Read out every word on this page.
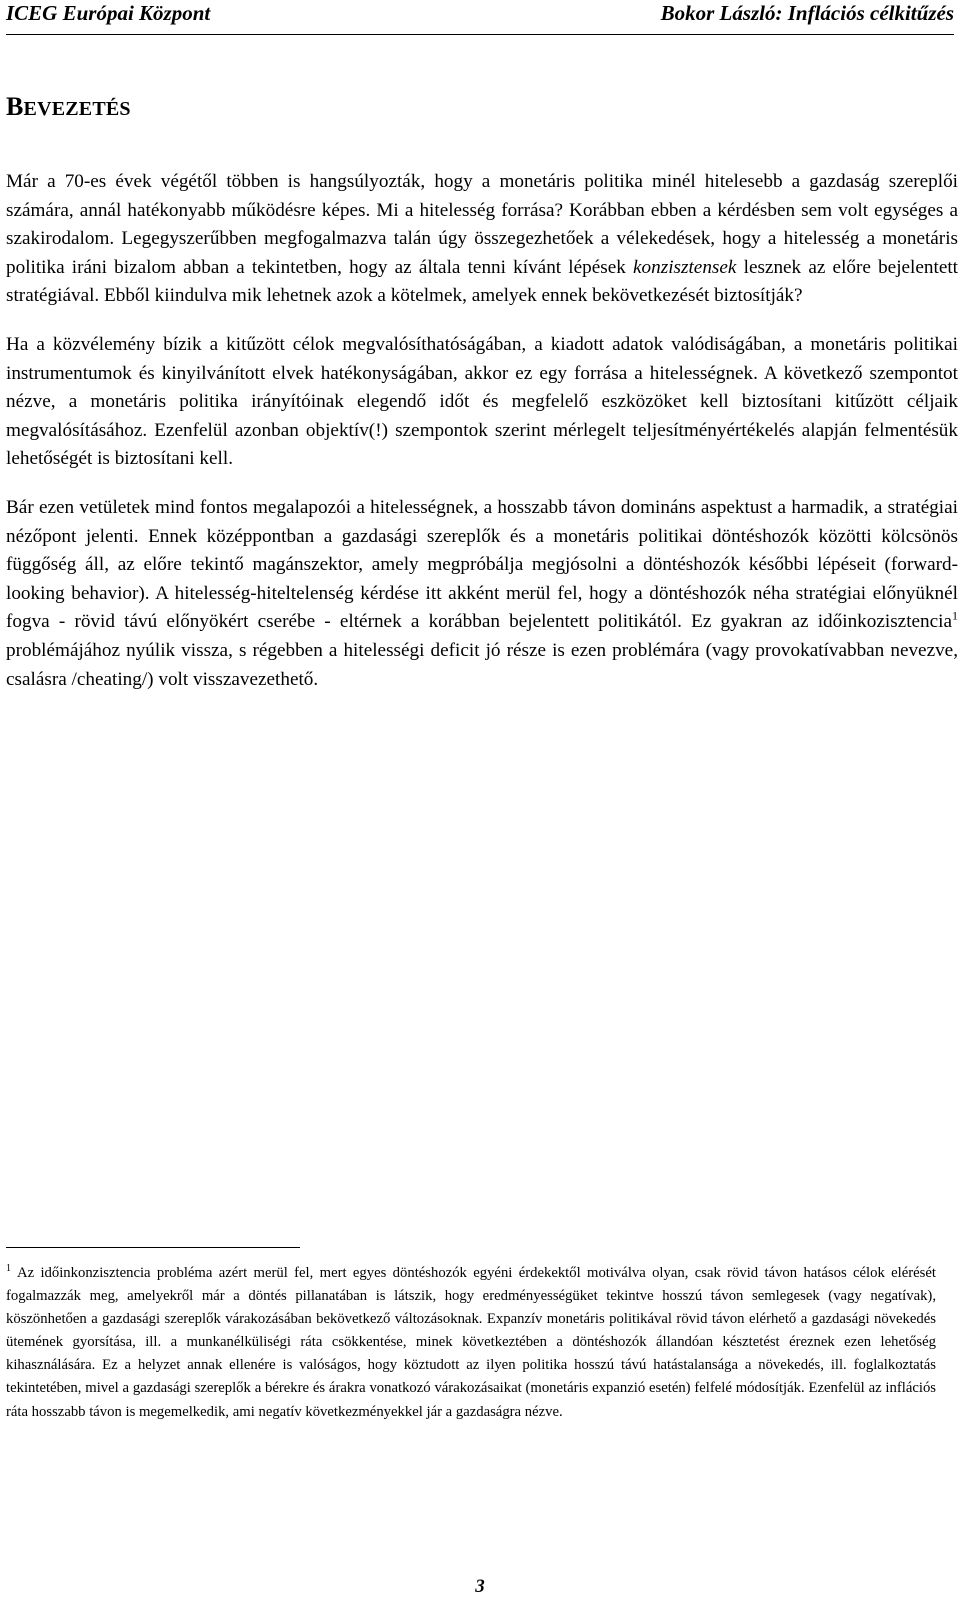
ICEG Európai Központ	Bokor László: Inflációs célkitűzés
BEVEZETÉS

Már a 70-es évek végétől többen is hangsúlyozták, hogy a monetáris politika minél hitelesebb a gazdaság szereplői számára, annál hatékonyabb működésre képes. Mi a hitelesség forrása? Korábban ebben a kérdésben sem volt egységes a szakirodalom. Legegyszerűbben megfogalmazva talán úgy összegezhetőek a vélekedések, hogy a hitelesség a monetáris politika iráni bizalom abban a tekintetben, hogy az általa tenni kívánt lépések konzisztensek lesznek az előre bejelentett stratégiával. Ebből kiindulva mik lehetnek azok a kötelmek, amelyek ennek bekövetkezését biztosítják?

Ha a közvélemény bízik a kitűzött célok megvalósíthatóságában, a kiadott adatok valódiságában, a monetáris politikai instrumentumok és kinyilvánított elvek hatékonyságában, akkor ez egy forrása a hitelességnek. A következő szempontot nézve, a monetáris politika irányítóinak elegendő időt és megfelelő eszközöket kell biztosítani kitűzött céljaik megvalósításához. Ezenfelül azonban objektív(!) szempontok szerint mérlegelt teljesítményértékelés alapján felmentésük lehetőségét is biztosítani kell.

Bár ezen vetületek mind fontos megalapozói a hitelességnek, a hosszabb távon domináns aspektust a harmadik, a stratégiai nézőpont jelenti. Ennek középpontban a gazdasági szereplők és a monetáris politikai döntéshozók közötti kölcsönös függőség áll, az előre tekintő magánszektor, amely megpróbálja megjósolni a döntéshozók későbbi lépéseit (forward-looking behavior). A hitelesség-hiteltelenség kérdése itt akként merül fel, hogy a döntéshozók néha stratégiai előnyüknél fogva - rövid távú előnyökért cserébe - eltérnek a korábban bejelentett politikától. Ez gyakran az időinkozisztencia$^1$ problémájához nyúlik vissza, s régebben a hitelességi deficit jó része is ezen problémára (vagy provokatívabban nevezve, csalásra /cheating/) volt visszavezethető.

$^1$ Az időinkonzisztencia probléma azért merül fel, mert egyes döntéshozók egyéni érdekektől motiválva olyan, csak rövid távon hatásos célok elérését fogalmazzák meg, amelyekről már a döntés pillanatában is látszik, hogy eredményességüket tekintve hosszú távon semlegesek (vagy negatívak), köszönhetően a gazdasági szereplők várakozásában bekövetkező változásoknak. Expanzív monetáris politikával rövid távon elérhető a gazdasági növekedés ütemének gyorsítása, ill. a munkanélküliségi ráta csökkentése, minek következtében a döntéshozók állandóan késztetést éreznek ezen lehetőség kihasználására. Ez a helyzet annak ellenére is valóságos, hogy köztudott az ilyen politika hosszú távú hatástalansága a növekedés, ill. foglalkoztatás tekintetében, mivel a gazdasági szereplők a bérekre és árakra vonatkozó várakozásaikat (monetáris expanzió esetén) felfelé módosítják. Ezenfelül az inflációs ráta hosszabb távon is megemelkedik, ami negatív következményekkel jár a gazdaságra nézve.

3
